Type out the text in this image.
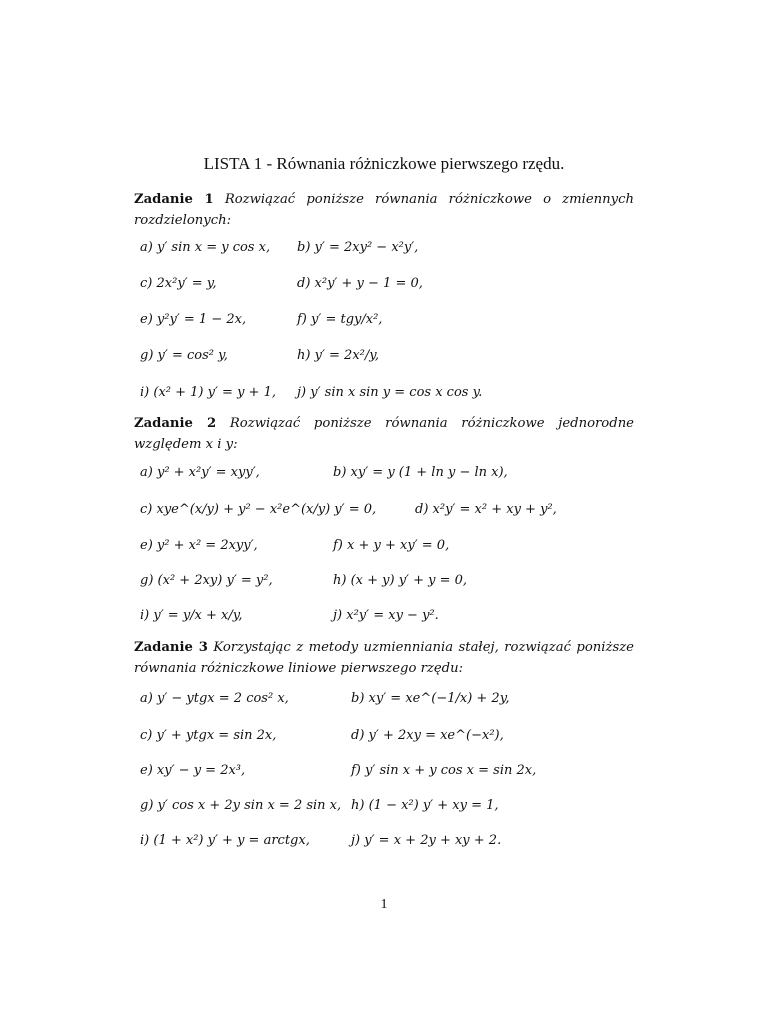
LISTA 1 - Równania różniczkowe pierwszego rzędu.
Zadanie 1 Rozwiązać poniższe równania różniczkowe o zmiennych rozdzielonych:
a) y′ sin x = y cos x, b) y′ = 2xy² − x²y′,
c) 2x²y′ = y,	d) x²y′ + y − 1 = 0,
e) y²y′ = 1 − 2x,	f) y′ = tgy/x²,
g) y′ = cos² y,	h) y′ = 2x²/y,
i) (x² + 1) y′ = y + 1, j) y′ sin x sin y = cos x cos y.
Zadanie 2 Rozwiązać poniższe równania różniczkowe jednorodne względem x i y:
a) y² + x²y′ = xyy′,	b) xy′ = y (1 + ln y − ln x),
c) xye^(x/y) + y² − x²e^(x/y) y′ = 0,	d) x²y′ = x² + xy + y²,
e) y² + x² = 2xyy′,	f) x + y + xy′ = 0,
g) (x² + 2xy) y′ = y²,	h) (x + y) y′ + y = 0,
i) y′ = y/x + x/y,	j) x²y′ = xy − y².
Zadanie 3 Korzystając z metody uzmienniania stałej, rozwiązać poniższe równania różniczkowe liniowe pierwszego rzędu:
a) y′ − ytgx = 2 cos² x,	b) xy′ = xe^(−1/x) + 2y,
c) y′ + ytgx = sin 2x,	d) y′ + 2xy = xe^(−x²),
e) xy′ − y = 2x³,	f) y′ sin x + y cos x = sin 2x,
g) y′ cos x + 2y sin x = 2 sin x, h) (1 − x²) y′ + xy = 1,
i) (1 + x²) y′ + y = arctgx,	j) y′ = x + 2y + xy + 2.
1
